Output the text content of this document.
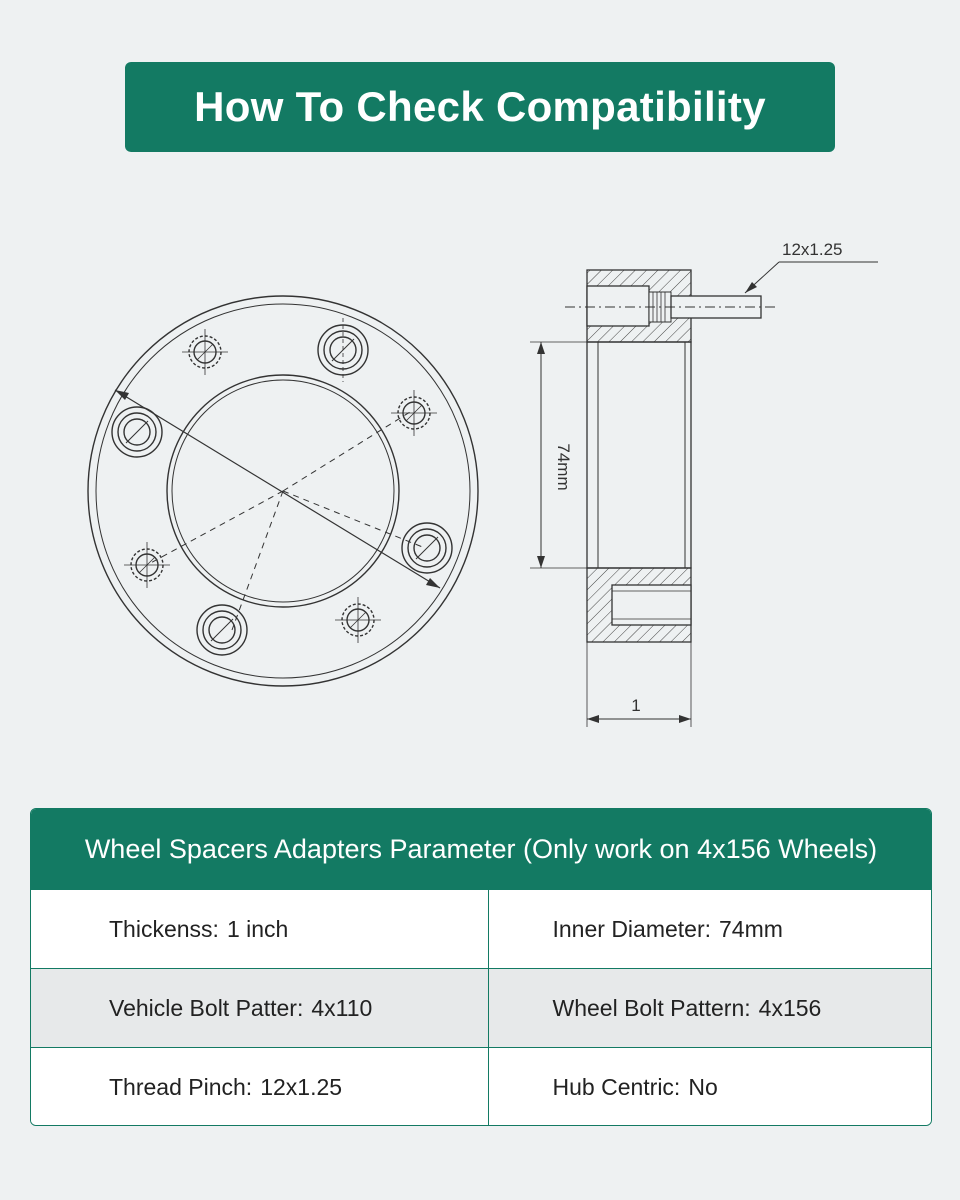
How To Check Compatibility
12x1.25
74mm
1
Wheel Spacers Adapters Parameter (Only work on 4x156 Wheels)
Thickenss: 1 inch	Inner Diameter: 74mm
Vehicle Bolt Patter: 4x110	Wheel Bolt Pattern: 4x156
Thread Pinch: 12x1.25	Hub Centric: No
